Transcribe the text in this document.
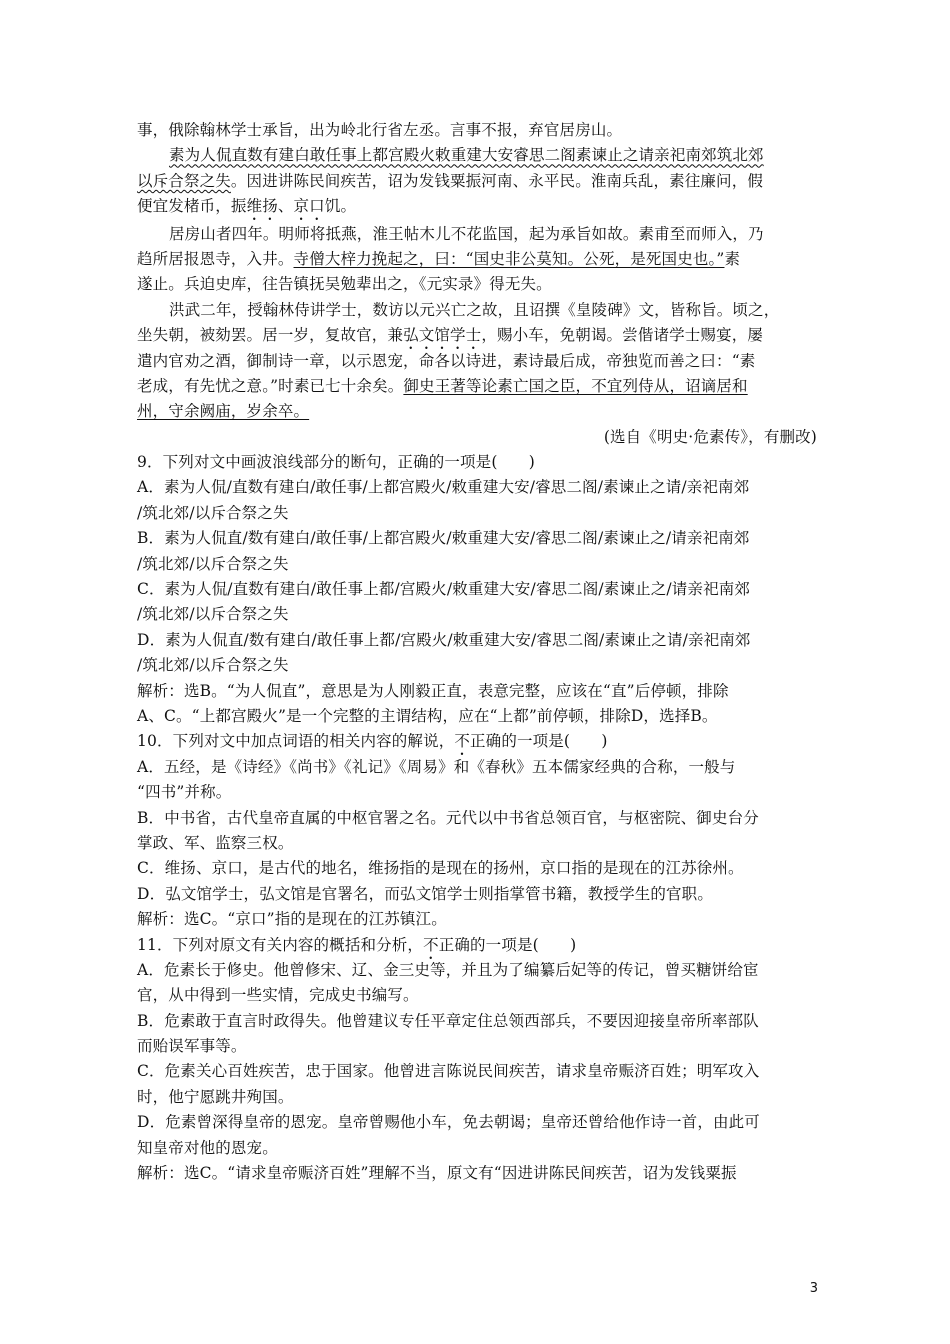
事，俄除翰林学士承旨，出为岭北行省左丞。言事不报，弃官居房山。
素为人侃直数有建白敢任事上都宫殿火敕重建大安睿思二阁素谏止之请亲祀南郊筑北郊
以斥合祭之失。因进讲陈民间疾苦，诏为发钱粟振河南、永平民。淮南兵乱，素往廉问，假
便宜发楮币，振维扬、京口饥。
居房山者四年。明师将抵燕，淮王帖木儿不花监国，起为承旨如故。素甫至而师入，乃
趋所居报恩寺，入井。寺僧大梓力挽起之，曰：“国史非公莫知。公死，是死国史也。”素
遂止。兵迫史库，往告镇抚吴勉辈出之，《元实录》得无失。
洪武二年，授翰林侍讲学士，数访以元兴亡之故，且诏撰《皇陵碑》文，皆称旨。顷之，
坐失朝，被劾罢。居一岁，复故官，兼弘文馆学士，赐小车，免朝谒。尝偕诸学士赐宴，屡
遣内官劝之酒，御制诗一章，以示恩宠，命各以诗进，素诗最后成，帝独览而善之曰：“素
老成，有先忧之意。”时素已七十余矣。御史王著等论素亡国之臣，不宜列侍从，诏谪居和
州，守余阙庙，岁余卒。
(选自《明史·危素传》，有删改)
9．下列对文中画波浪线部分的断句，正确的一项是(　　)
A．素为人侃/直数有建白/敢任事/上都宫殿火/敕重建大安/睿思二阁/素谏止之请/亲祀南郊
/筑北郊/以斥合祭之失
B．素为人侃直/数有建白/敢任事/上都宫殿火/敕重建大安/睿思二阁/素谏止之/请亲祀南郊
/筑北郊/以斥合祭之失
C．素为人侃/直数有建白/敢任事上都/宫殿火/敕重建大安/睿思二阁/素谏止之/请亲祀南郊
/筑北郊/以斥合祭之失
D．素为人侃直/数有建白/敢任事上都/宫殿火/敕重建大安/睿思二阁/素谏止之请/亲祀南郊
/筑北郊/以斥合祭之失
解析：选B。“为人侃直”，意思是为人刚毅正直，表意完整，应该在“直”后停顿，排除
A、C。“上都宫殿火”是一个完整的主谓结构，应在“上都”前停顿，排除D，选择B。
10．下列对文中加点词语的相关内容的解说，不正确的一项是(　　)
A．五经，是《诗经》《尚书》《礼记》《周易》和《春秋》五本儒家经典的合称，一般与
“四书”并称。
B．中书省，古代皇帝直属的中枢官署之名。元代以中书省总领百官，与枢密院、御史台分
掌政、军、监察三权。
C．维扬、京口，是古代的地名，维扬指的是现在的扬州，京口指的是现在的江苏徐州。
D．弘文馆学士，弘文馆是官署名，而弘文馆学士则指掌管书籍，教授学生的官职。
解析：选C。“京口”指的是现在的江苏镇江。
11．下列对原文有关内容的概括和分析，不正确的一项是(　　)
A．危素长于修史。他曾修宋、辽、金三史等，并且为了编纂后妃等的传记，曾买糖饼给宦
官，从中得到一些实情，完成史书编写。
B．危素敢于直言时政得失。他曾建议专任平章定住总领西部兵，不要因迎接皇帝所率部队
而贻误军事等。
C．危素关心百姓疾苦，忠于国家。他曾进言陈说民间疾苦，请求皇帝赈济百姓；明军攻入
时，他宁愿跳井殉国。
D．危素曾深得皇帝的恩宠。皇帝曾赐他小车，免去朝谒；皇帝还曾给他作诗一首，由此可
知皇帝对他的恩宠。
解析：选C。“请求皇帝赈济百姓”理解不当，原文有“因进讲陈民间疾苦，诏为发钱粟振
3
